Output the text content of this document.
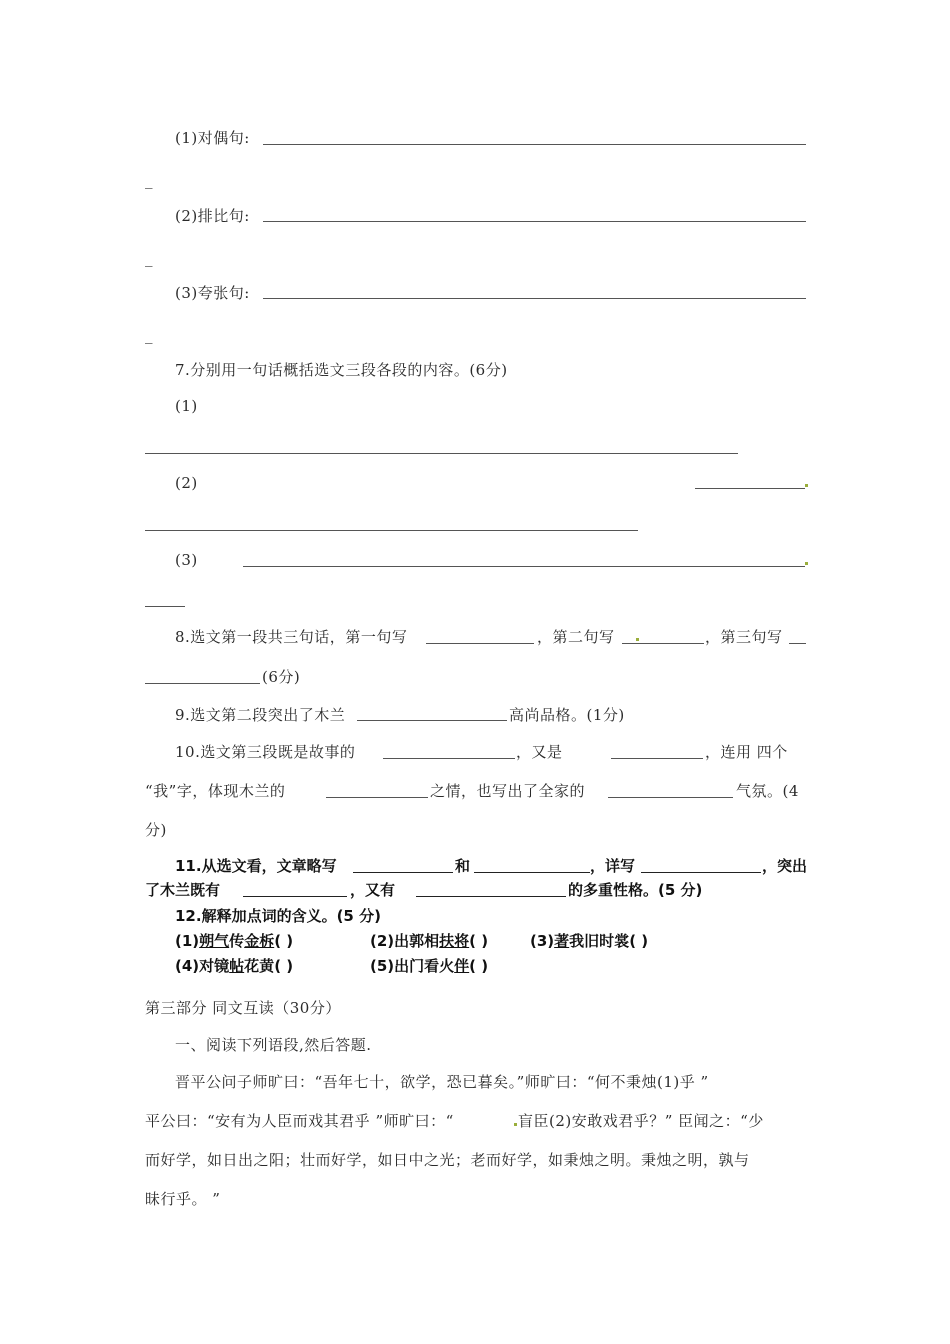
(1)对偶句:
_
(2)排比句:
_
(3)夸张句:
_
7.分别用一句话概括选文三段各段的内容。(6分)
(1)
(2)
(3)
8.选文第一段共三句话，第一句写	，第二句写	，第三句写
(6分)
9.选文第二段突出了木兰	高尚品格。(1分)
10.选文第三段既是故事的	，又是	，连用 四个
“我”字，体现木兰的	之情，也写出了全家的	气氛。(4
分)
11.从选文看，文章略写	和	，详写	，突出
了木兰既有	，又有	的多重性格。(5 分)
12.解释加点词的含义。(5 分)
(1)朔气传金柝( )	(2)出郭相扶将( )	(3)著我旧时裳( )
(4)对镜帖花黄( )	(5)出门看火伴( )
第三部分 同文互读（30分）
一、阅读下列语段,然后答题.
晋平公问子师旷曰：“吾年七十，欲学，恐已暮矣。”师旷曰：“何不秉烛(1)乎 ”
平公曰：“安有为人臣而戏其君乎 ”师旷曰：“	盲臣(2)安敢戏君乎？” 臣闻之：“少
而好学，如日出之阳；壮而好学，如日中之光；老而好学，如秉烛之明。秉烛之明，孰与
昧行乎。 ”
